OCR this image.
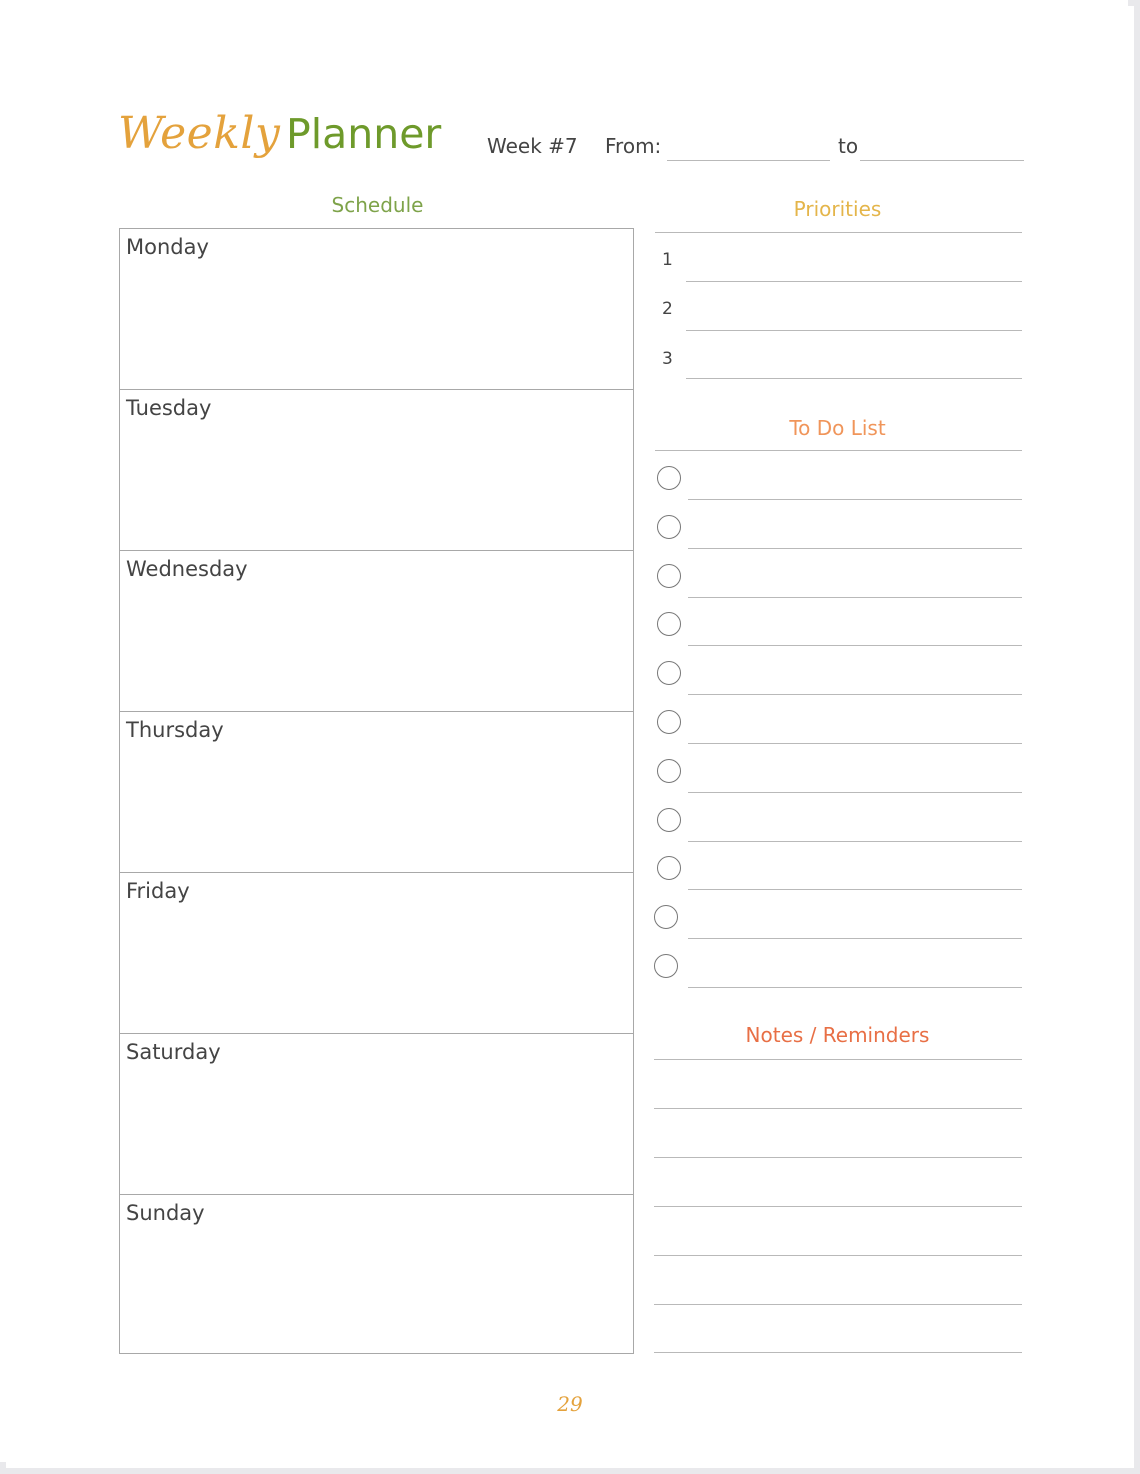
Weekly Planner Week #7 From:	to
Schedule
Monday
Tuesday
Wednesday
Thursday
Friday
Saturday
Sunday
Priorities
1
2
3
To Do List
Notes / Reminders
29
